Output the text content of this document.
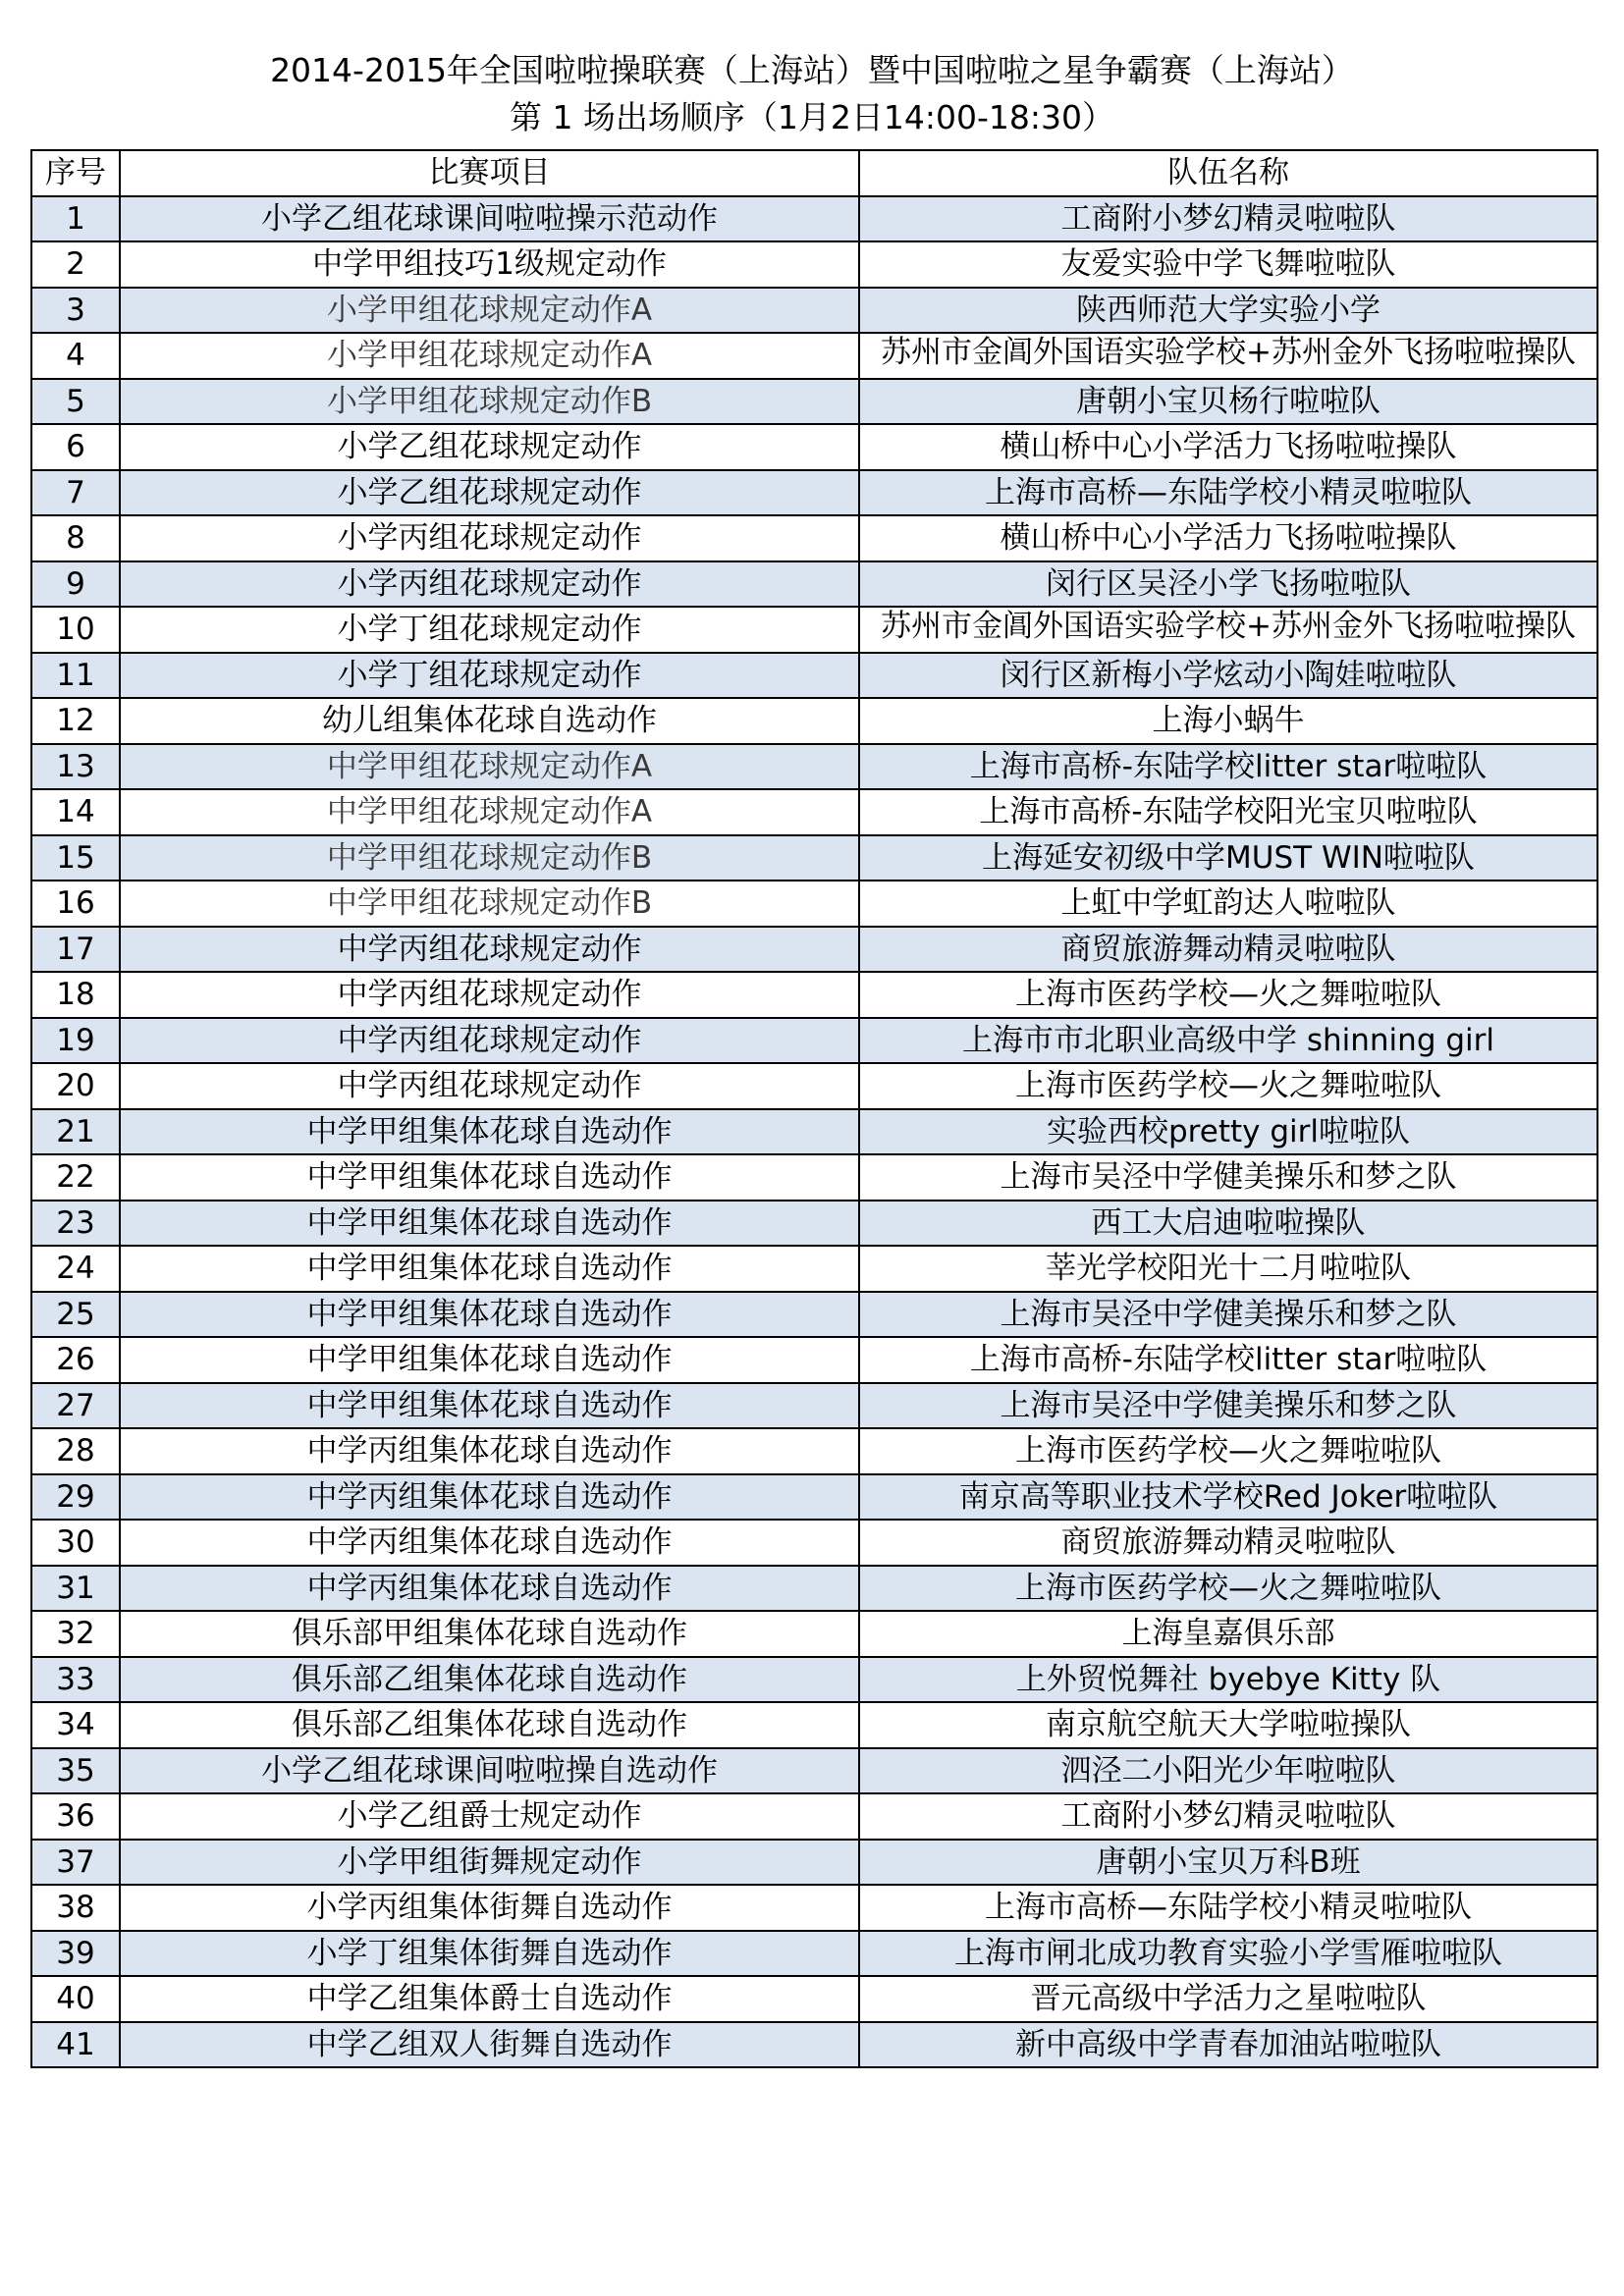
2014-2015年全国啦啦操联赛（上海站）暨中国啦啦之星争霸赛（上海站）
第 1 场出场顺序（1月2日14:00-18:30）
序号	比赛项目	队伍名称
1	小学乙组花球课间啦啦操示范动作	工商附小梦幻精灵啦啦队
2	中学甲组技巧1级规定动作	友爱实验中学飞舞啦啦队
3	小学甲组花球规定动作A	陕西师范大学实验小学
4	小学甲组花球规定动作A	苏州市金阊外国语实验学校+苏州金外飞扬啦啦操队

5	小学甲组花球规定动作B	唐朝小宝贝杨行啦啦队
6	小学乙组花球规定动作	横山桥中心小学活力飞扬啦啦操队
7	小学乙组花球规定动作	上海市高桥—东陆学校小精灵啦啦队
8	小学丙组花球规定动作	横山桥中心小学活力飞扬啦啦操队
9	小学丙组花球规定动作	闵行区吴泾小学飞扬啦啦队
10	小学丁组花球规定动作	苏州市金阊外国语实验学校+苏州金外飞扬啦啦操队

11	小学丁组花球规定动作	闵行区新梅小学炫动小陶娃啦啦队
12	幼儿组集体花球自选动作	上海小蜗牛
13	中学甲组花球规定动作A	上海市高桥-东陆学校litter star啦啦队
14	中学甲组花球规定动作A	上海市高桥-东陆学校阳光宝贝啦啦队
15	中学甲组花球规定动作B	上海延安初级中学MUST WIN啦啦队
16	中学甲组花球规定动作B	上虹中学虹韵达人啦啦队
17	中学丙组花球规定动作	商贸旅游舞动精灵啦啦队
18	中学丙组花球规定动作	上海市医药学校—火之舞啦啦队
19	中学丙组花球规定动作	上海市市北职业高级中学 shinning girl
20	中学丙组花球规定动作	上海市医药学校—火之舞啦啦队
21	中学甲组集体花球自选动作	实验西校pretty girl啦啦队
22	中学甲组集体花球自选动作	上海市吴泾中学健美操乐和梦之队
23	中学甲组集体花球自选动作	西工大启迪啦啦操队
24	中学甲组集体花球自选动作	莘光学校阳光十二月啦啦队
25	中学甲组集体花球自选动作	上海市吴泾中学健美操乐和梦之队
26	中学甲组集体花球自选动作	上海市高桥-东陆学校litter star啦啦队
27	中学甲组集体花球自选动作	上海市吴泾中学健美操乐和梦之队
28	中学丙组集体花球自选动作	上海市医药学校—火之舞啦啦队
29	中学丙组集体花球自选动作	南京高等职业技术学校Red Joker啦啦队
30	中学丙组集体花球自选动作	商贸旅游舞动精灵啦啦队
31	中学丙组集体花球自选动作	上海市医药学校—火之舞啦啦队
32	俱乐部甲组集体花球自选动作	上海皇嘉俱乐部
33	俱乐部乙组集体花球自选动作	上外贸悦舞社 byebye Kitty 队
34	俱乐部乙组集体花球自选动作	南京航空航天大学啦啦操队
35	小学乙组花球课间啦啦操自选动作	泗泾二小阳光少年啦啦队
36	小学乙组爵士规定动作	工商附小梦幻精灵啦啦队
37	小学甲组街舞规定动作	唐朝小宝贝万科B班
38	小学丙组集体街舞自选动作	上海市高桥—东陆学校小精灵啦啦队
39	小学丁组集体街舞自选动作	上海市闸北成功教育实验小学雪雁啦啦队
40	中学乙组集体爵士自选动作	晋元高级中学活力之星啦啦队
41	中学乙组双人街舞自选动作	新中高级中学青春加油站啦啦队
